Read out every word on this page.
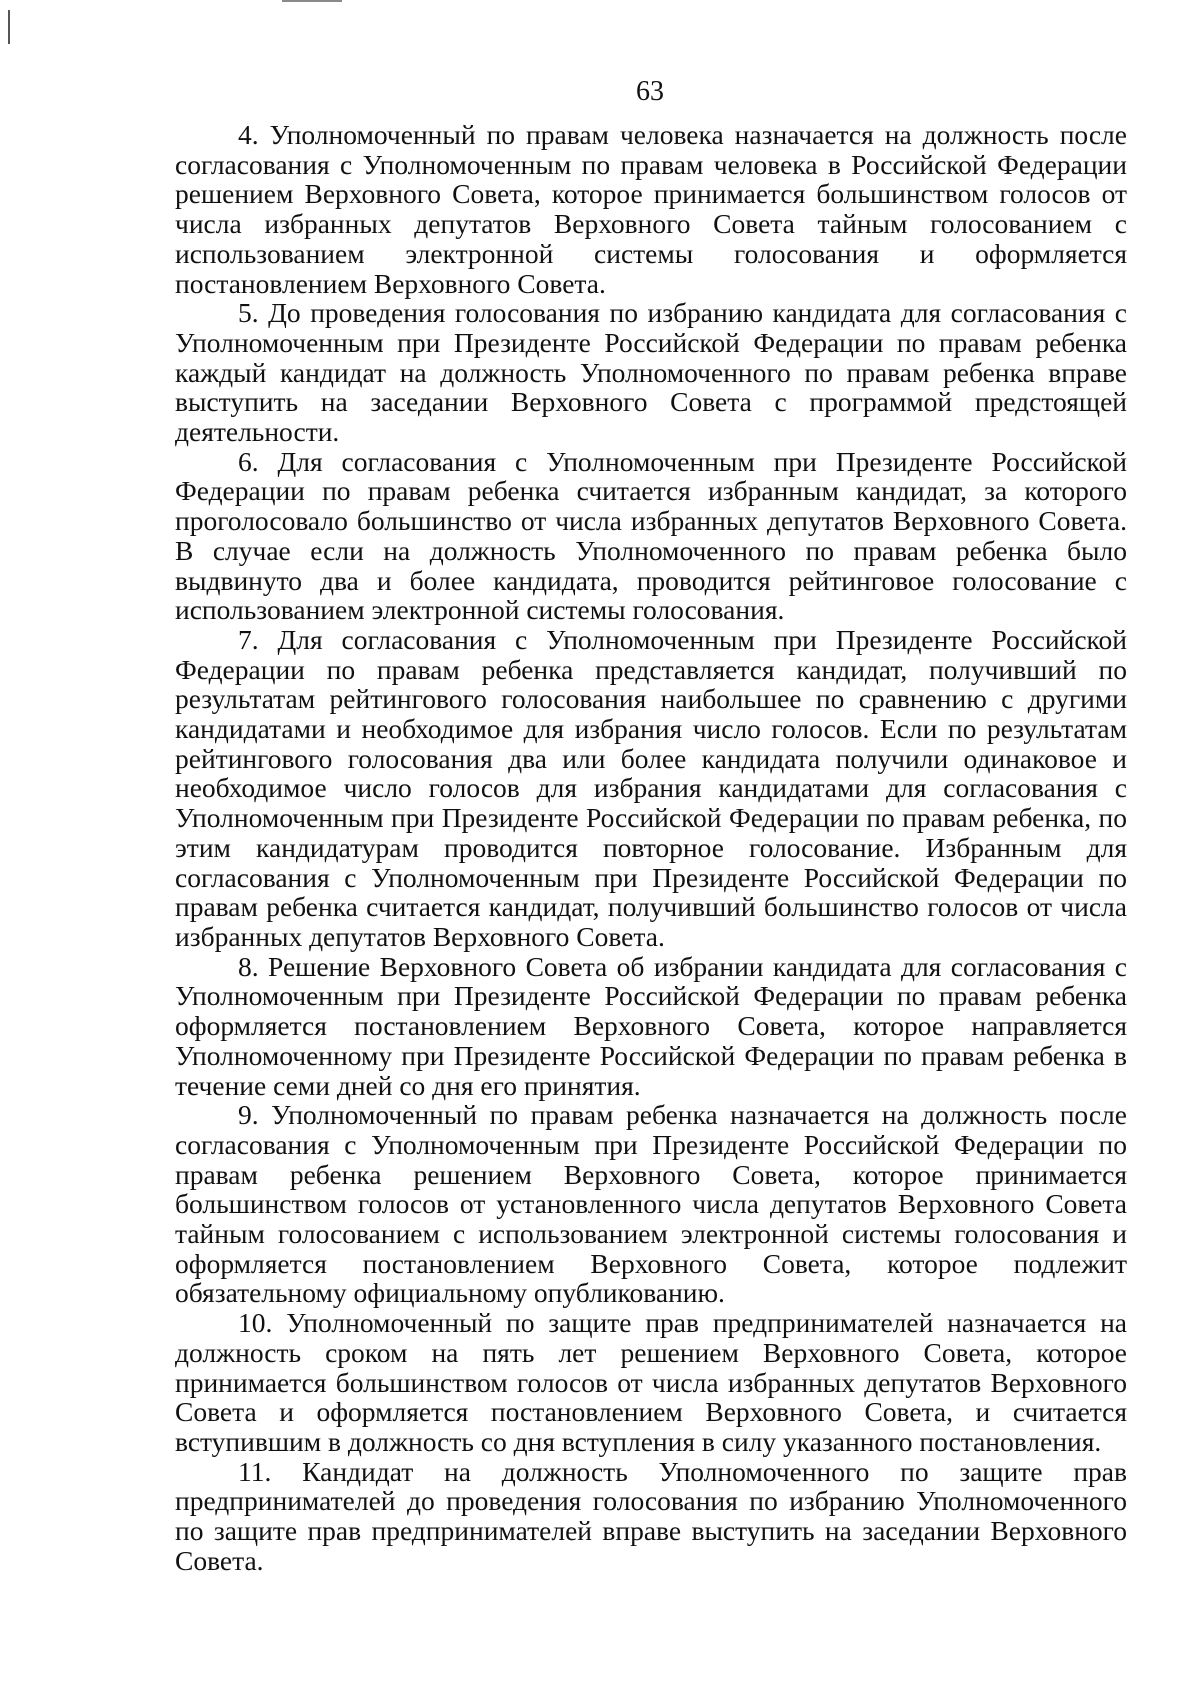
63

4. Уполномоченный по правам человека назначается на должность после согласования с Уполномоченным по правам человека в Российской Федерации решением Верховного Совета, которое принимается большинством голосов от числа избранных депутатов Верховного Совета тайным голосованием с использованием электронной системы голосования и оформляется постановлением Верховного Совета.

5. До проведения голосования по избранию кандидата для согласования с Уполномоченным при Президенте Российской Федерации по правам ребенка каждый кандидат на должность Уполномоченного по правам ребенка вправе выступить на заседании Верховного Совета с программой предстоящей деятельности.

6. Для согласования с Уполномоченным при Президенте Российской Федерации по правам ребенка считается избранным кандидат, за которого проголосовало большинство от числа избранных депутатов Верховного Совета. В случае если на должность Уполномоченного по правам ребенка было выдвинуто два и более кандидата, проводится рейтинговое голосование с использованием электронной системы голосования.

7. Для согласования с Уполномоченным при Президенте Российской Федерации по правам ребенка представляется кандидат, получивший по результатам рейтингового голосования наибольшее по сравнению с другими кандидатами и необходимое для избрания число голосов. Если по результатам рейтингового голосования два или более кандидата получили одинаковое и необходимое число голосов для избрания кандидатами для согласования с Уполномоченным при Президенте Российской Федерации по правам ребенка, по этим кандидатурам проводится повторное голосование. Избранным для согласования с Уполномоченным при Президенте Российской Федерации по правам ребенка считается кандидат, получивший большинство голосов от числа избранных депутатов Верховного Совета.

8. Решение Верховного Совета об избрании кандидата для согласования с Уполномоченным при Президенте Российской Федерации по правам ребенка оформляется постановлением Верховного Совета, которое направляется Уполномоченному при Президенте Российской Федерации по правам ребенка в течение семи дней со дня его принятия.

9. Уполномоченный по правам ребенка назначается на должность после согласования с Уполномоченным при Президенте Российской Федерации по правам ребенка решением Верховного Совета, которое принимается большинством голосов от установленного числа депутатов Верховного Совета тайным голосованием с использованием электронной системы голосования и оформляется постановлением Верховного Совета, которое подлежит обязательному официальному опубликованию.

10. Уполномоченный по защите прав предпринимателей назначается на должность сроком на пять лет решением Верховного Совета, которое принимается большинством голосов от числа избранных депутатов Верховного Совета и оформляется постановлением Верховного Совета, и считается вступившим в должность со дня вступления в силу указанного постановления.

11. Кандидат на должность Уполномоченного по защите прав предпринимателей до проведения голосования по избранию Уполномоченного по защите прав предпринимателей вправе выступить на заседании Верховного Совета.
